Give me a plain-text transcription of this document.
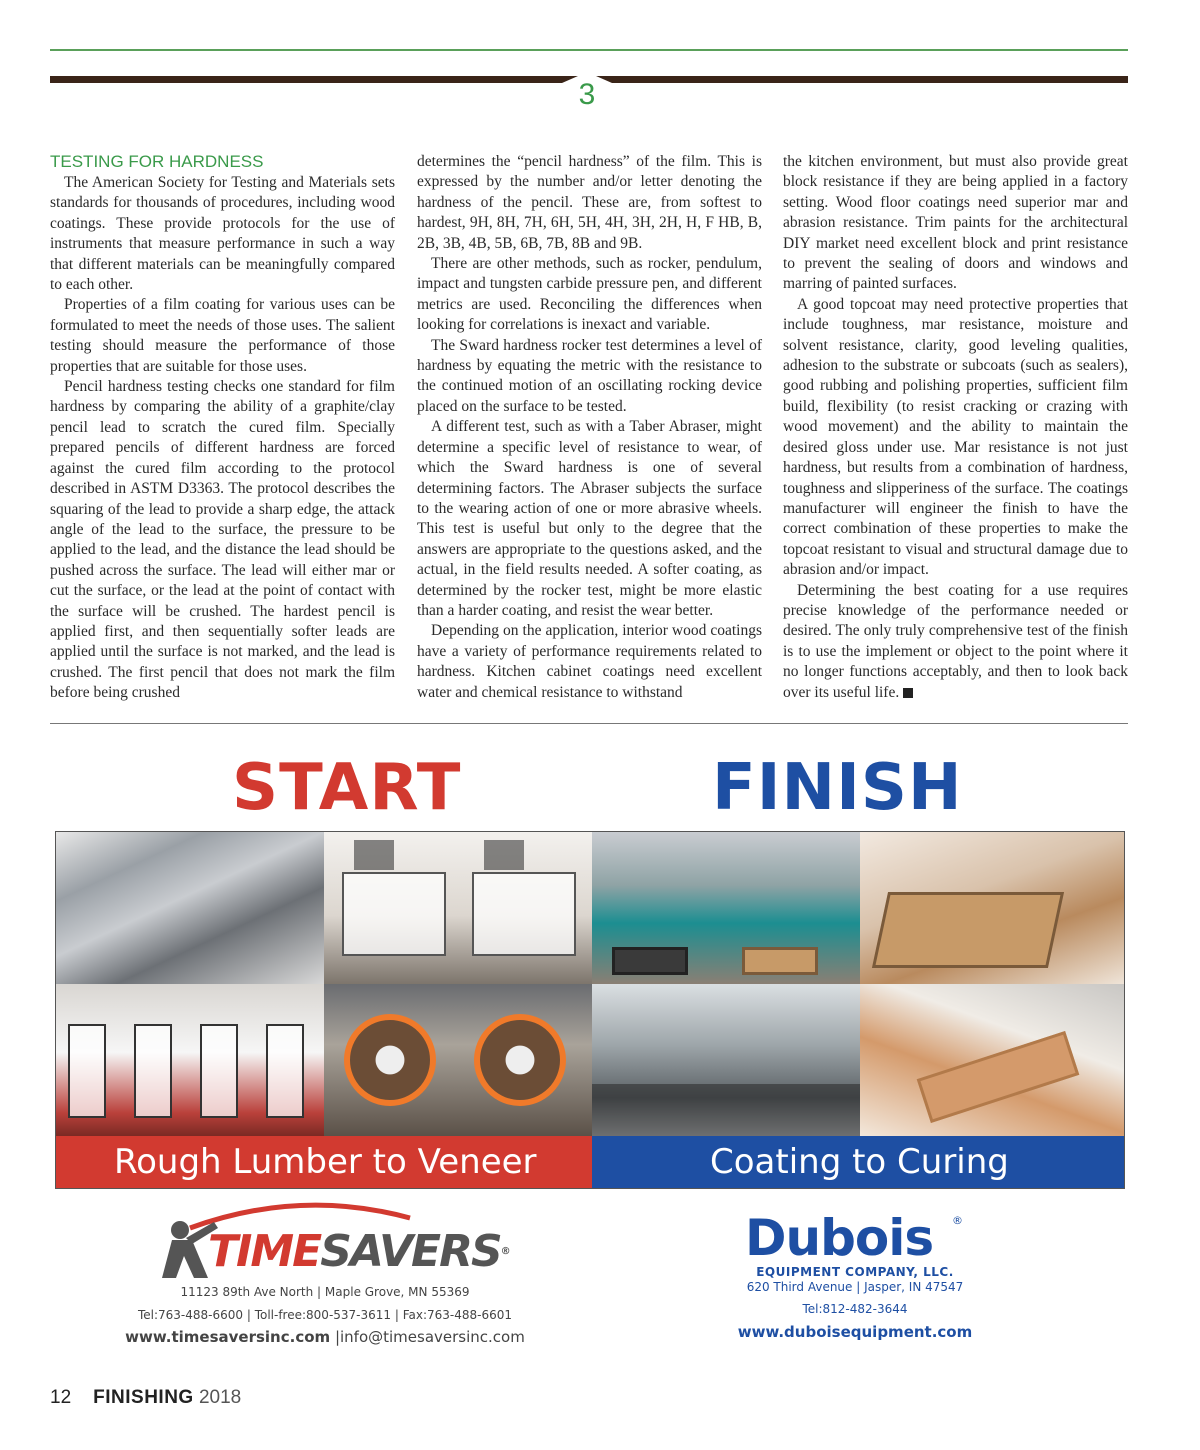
3
TESTING FOR HARDNESS

The American Society for Testing and Materials sets standards for thousands of procedures, including wood coatings. These provide protocols for the use of instruments that measure performance in such a way that different materials can be meaningfully compared to each other.

Properties of a film coating for various uses can be formulated to meet the needs of those uses. The salient testing should measure the performance of those properties that are suitable for those uses.

Pencil hardness testing checks one standard for film hardness by comparing the ability of a graphite/clay pencil lead to scratch the cured film. Specially prepared pencils of different hardness are forced against the cured film according to the protocol described in ASTM D3363. The protocol describes the squaring of the lead to provide a sharp edge, the attack angle of the lead to the surface, the pressure to be applied to the lead, and the distance the lead should be pushed across the surface. The lead will either mar or cut the surface, or the lead at the point of contact with the surface will be crushed. The hardest pencil is applied first, and then sequentially softer leads are applied until the surface is not marked, and the lead is crushed. The first pencil that does not mark the film before being crushed

determines the “pencil hardness” of the film. This is expressed by the number and/or letter denoting the hardness of the pencil. These are, from softest to hardest, 9H, 8H, 7H, 6H, 5H, 4H, 3H, 2H, H, F HB, B, 2B, 3B, 4B, 5B, 6B, 7B, 8B and 9B.

There are other methods, such as rocker, pendulum, impact and tungsten carbide pressure pen, and different metrics are used. Reconciling the differences when looking for correlations is inexact and variable.

The Sward hardness rocker test determines a level of hardness by equating the metric with the resistance to the continued motion of an oscillating rocking device placed on the surface to be tested.

A different test, such as with a Taber Abraser, might determine a specific level of resistance to wear, of which the Sward hardness is one of several determining factors. The Abraser subjects the surface to the wearing action of one or more abrasive wheels. This test is useful but only to the degree that the answers are appropriate to the questions asked, and the actual, in the field results needed. A softer coating, as determined by the rocker test, might be more elastic than a harder coating, and resist the wear better.

Depending on the application, interior wood coatings have a variety of performance requirements related to hardness. Kitchen cabinet coatings need excellent water and chemical resistance to withstand

the kitchen environment, but must also provide great block resistance if they are being applied in a factory setting. Wood floor coatings need superior mar and abrasion resistance. Trim paints for the architectural DIY market need excellent block and print resistance to prevent the sealing of doors and windows and marring of painted surfaces.

A good topcoat may need protective properties that include toughness, mar resistance, moisture and solvent resistance, clarity, good leveling qualities, adhesion to the substrate or subcoats (such as sealers), good rubbing and polishing properties, sufficient film build, flexibility (to resist cracking or crazing with wood movement) and the ability to maintain the desired gloss under use. Mar resistance is not just hardness, but results from a combination of hardness, toughness and slipperiness of the surface. The coatings manufacturer will engineer the finish to have the correct combination of these properties to make the topcoat resistant to visual and structural damage due to abrasion and/or impact.

Determining the best coating for a use requires precise knowledge of the performance needed or desired. The only truly comprehensive test of the finish is to use the implement or object to the point where it no longer functions acceptably, and then to look back over its useful life.

START	FINISH
Rough Lumber to Veneer	Coating to Curing
TIMESAVERS®
11123 89th Ave North | Maple Grove, MN 55369
Tel:763-488-6600 | Toll-free:800-537-3611 | Fax:763-488-6601
www.timesaversinc.com |info@timesaversinc.com
Dubois ®
EQUIPMENT COMPANY, LLC.
620 Third Avenue | Jasper, IN 47547
Tel:812-482-3644
www.duboisequipment.com
12 FINISHING 2018
